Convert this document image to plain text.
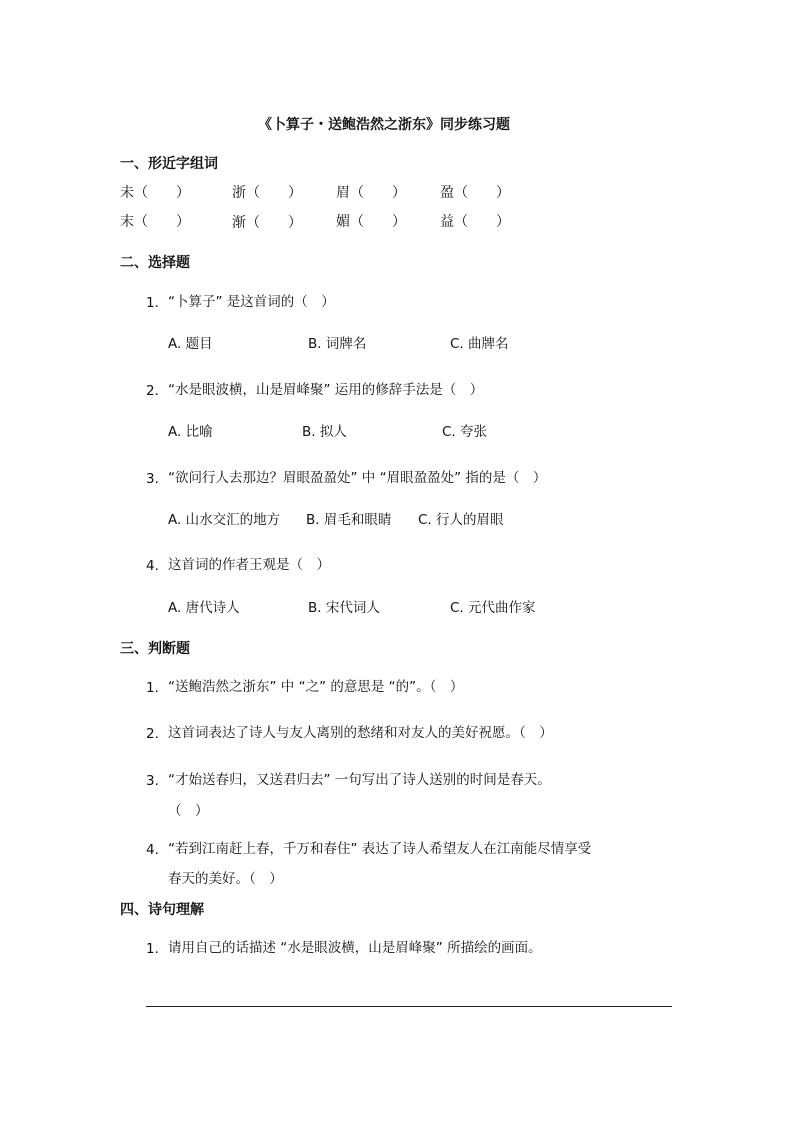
《卜算子・送鲍浩然之浙东》同步练习题
一、形近字组词
未（　　）	浙（　　） 眉（　　） 盈（　　）
末（　　）	渐（　　） 媚（　　） 益（　　）
二、选择题
1. “卜算子” 是这首词的（　）
A. 题目	B. 词牌名	C. 曲牌名
2. “水是眼波横，山是眉峰聚” 运用的修辞手法是（　）
A. 比喻	B. 拟人	C. 夸张
3. “欲问行人去那边？眉眼盈盈处” 中 “眉眼盈盈处” 指的是（　）
A. 山水交汇的地方 B. 眉毛和眼睛 C. 行人的眉眼
4. 这首词的作者王观是（　）
A. 唐代诗人	B. 宋代词人	C. 元代曲作家
三、判断题
1. “送鲍浩然之浙东” 中 “之” 的意思是 “的”。（　）
2. 这首词表达了诗人与友人离别的愁绪和对友人的美好祝愿。（　）
3. “才始送春归，又送君归去” 一句写出了诗人送别的时间是春天。
（　）
4. “若到江南赶上春，千万和春住” 表达了诗人希望友人在江南能尽情享受
春天的美好。（　）
四、诗句理解
1. 请用自己的话描述 “水是眼波横，山是眉峰聚” 所描绘的画面。
